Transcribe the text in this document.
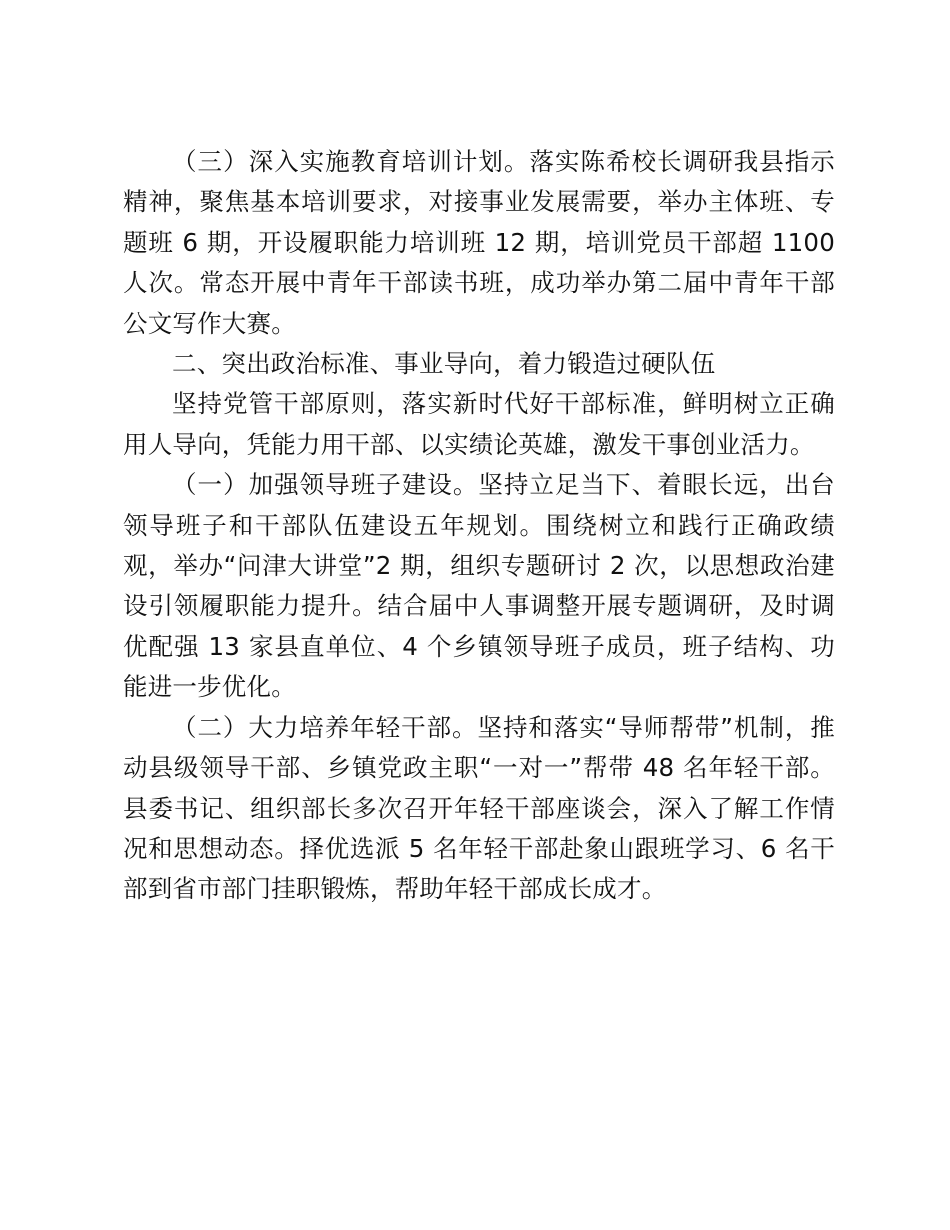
（三）深入实施教育培训计划。落实陈希校长调研我县指示精神，聚焦基本培训要求，对接事业发展需要，举办主体班、专题班 6 期，开设履职能力培训班 12 期，培训党员干部超 1100 人次。常态开展中青年干部读书班，成功举办第二届中青年干部公文写作大赛。

二、突出政治标准、事业导向，着力锻造过硬队伍

坚持党管干部原则，落实新时代好干部标准，鲜明树立正确用人导向，凭能力用干部、以实绩论英雄，激发干事创业活力。

（一）加强领导班子建设。坚持立足当下、着眼长远，出台领导班子和干部队伍建设五年规划。围绕树立和践行正确政绩观，举办“问津大讲堂”2 期，组织专题研讨 2 次，以思想政治建设引领履职能力提升。结合届中人事调整开展专题调研，及时调优配强 13 家县直单位、4 个乡镇领导班子成员，班子结构、功能进一步优化。

（二）大力培养年轻干部。坚持和落实“导师帮带”机制，推动县级领导干部、乡镇党政主职“一对一”帮带 48 名年轻干部。县委书记、组织部长多次召开年轻干部座谈会，深入了解工作情况和思想动态。择优选派 5 名年轻干部赴象山跟班学习、6 名干部到省市部门挂职锻炼，帮助年轻干部成长成才。
